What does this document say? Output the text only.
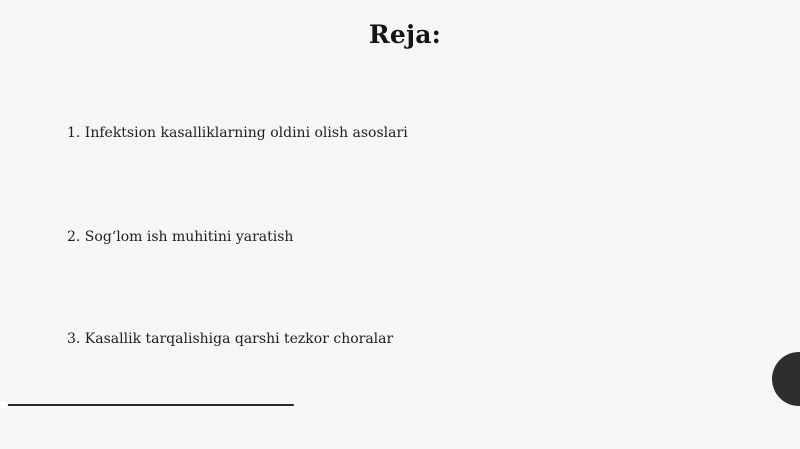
Reja:
1. Infektsion kasalliklarning oldini olish asoslari
2. Sog‘lom ish muhitini yaratish
3. Kasallik tarqalishiga qarshi tezkor choralar
